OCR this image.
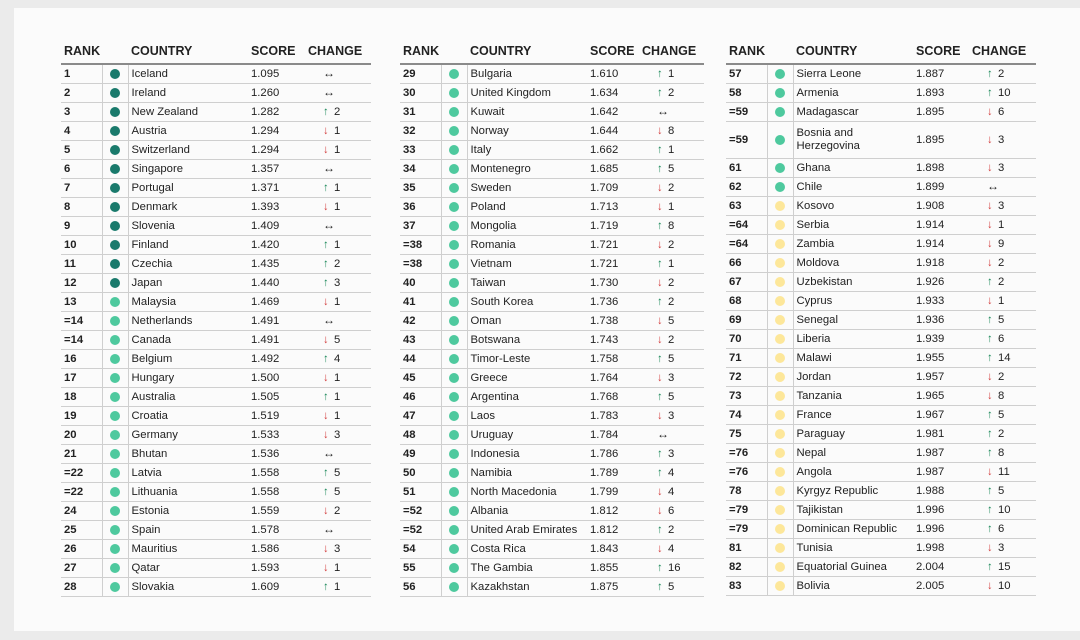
RANK		COUNTRY	SCORE	CHANGE
1		Iceland	1.095	↔
2		Ireland	1.260	↔
3		New Zealand	1.282	↑ 2
4		Austria	1.294	↓ 1
5		Switzerland	1.294	↓ 1
6		Singapore	1.357	↔
7		Portugal	1.371	↑ 1
8		Denmark	1.393	↓ 1
9		Slovenia	1.409	↔
10		Finland	1.420	↑ 1
11		Czechia	1.435	↑ 2
12		Japan	1.440	↑ 3
13		Malaysia	1.469	↓ 1
=14		Netherlands	1.491	↔
=14		Canada	1.491	↓ 5
16		Belgium	1.492	↑ 4
17		Hungary	1.500	↓ 1
18		Australia	1.505	↑ 1
19		Croatia	1.519	↓ 1
20		Germany	1.533	↓ 3
21		Bhutan	1.536	↔
=22		Latvia	1.558	↑ 5
=22		Lithuania	1.558	↑ 5
24		Estonia	1.559	↓ 2
25		Spain	1.578	↔
26		Mauritius	1.586	↓ 3
27		Qatar	1.593	↓ 1
28		Slovakia	1.609	↑ 1
RANK		COUNTRY	SCORE	CHANGE
29		Bulgaria	1.610	↑ 1
30		United Kingdom	1.634	↑ 2
31		Kuwait	1.642	↔
32		Norway	1.644	↓ 8
33		Italy	1.662	↑ 1
34		Montenegro	1.685	↑ 5
35		Sweden	1.709	↓ 2
36		Poland	1.713	↓ 1
37		Mongolia	1.719	↑ 8
=38		Romania	1.721	↓ 2
=38		Vietnam	1.721	↑ 1
40		Taiwan	1.730	↓ 2
41		South Korea	1.736	↑ 2
42		Oman	1.738	↓ 5
43		Botswana	1.743	↓ 2
44		Timor-Leste	1.758	↑ 5
45		Greece	1.764	↓ 3
46		Argentina	1.768	↑ 5
47		Laos	1.783	↓ 3
48		Uruguay	1.784	↔
49		Indonesia	1.786	↑ 3
50		Namibia	1.789	↑ 4
51		North Macedonia	1.799	↓ 4
=52		Albania	1.812	↓ 6
=52		United Arab Emirates	1.812	↑ 2
54		Costa Rica	1.843	↓ 4
55		The Gambia	1.855	↑ 16
56		Kazakhstan	1.875	↑ 5
RANK		COUNTRY	SCORE	CHANGE
57		Sierra Leone	1.887	↑ 2
58		Armenia	1.893	↑ 10
=59		Madagascar	1.895	↓ 6
=59		Bosnia and Herzegovina	1.895	↓ 3
61		Ghana	1.898	↓ 3
62		Chile	1.899	↔
63		Kosovo	1.908	↓ 3
=64		Serbia	1.914	↓ 1
=64		Zambia	1.914	↓ 9
66		Moldova	1.918	↓ 2
67		Uzbekistan	1.926	↑ 2
68		Cyprus	1.933	↓ 1
69		Senegal	1.936	↑ 5
70		Liberia	1.939	↑ 6
71		Malawi	1.955	↑ 14
72		Jordan	1.957	↓ 2
73		Tanzania	1.965	↓ 8
74		France	1.967	↑ 5
75		Paraguay	1.981	↑ 2
=76		Nepal	1.987	↑ 8
=76		Angola	1.987	↓ 11
78		Kyrgyz Republic	1.988	↑ 5
=79		Tajikistan	1.996	↑ 10
=79		Dominican Republic	1.996	↑ 6
81		Tunisia	1.998	↓ 3
82		Equatorial Guinea	2.004	↑ 15
83		Bolivia	2.005	↓ 10
